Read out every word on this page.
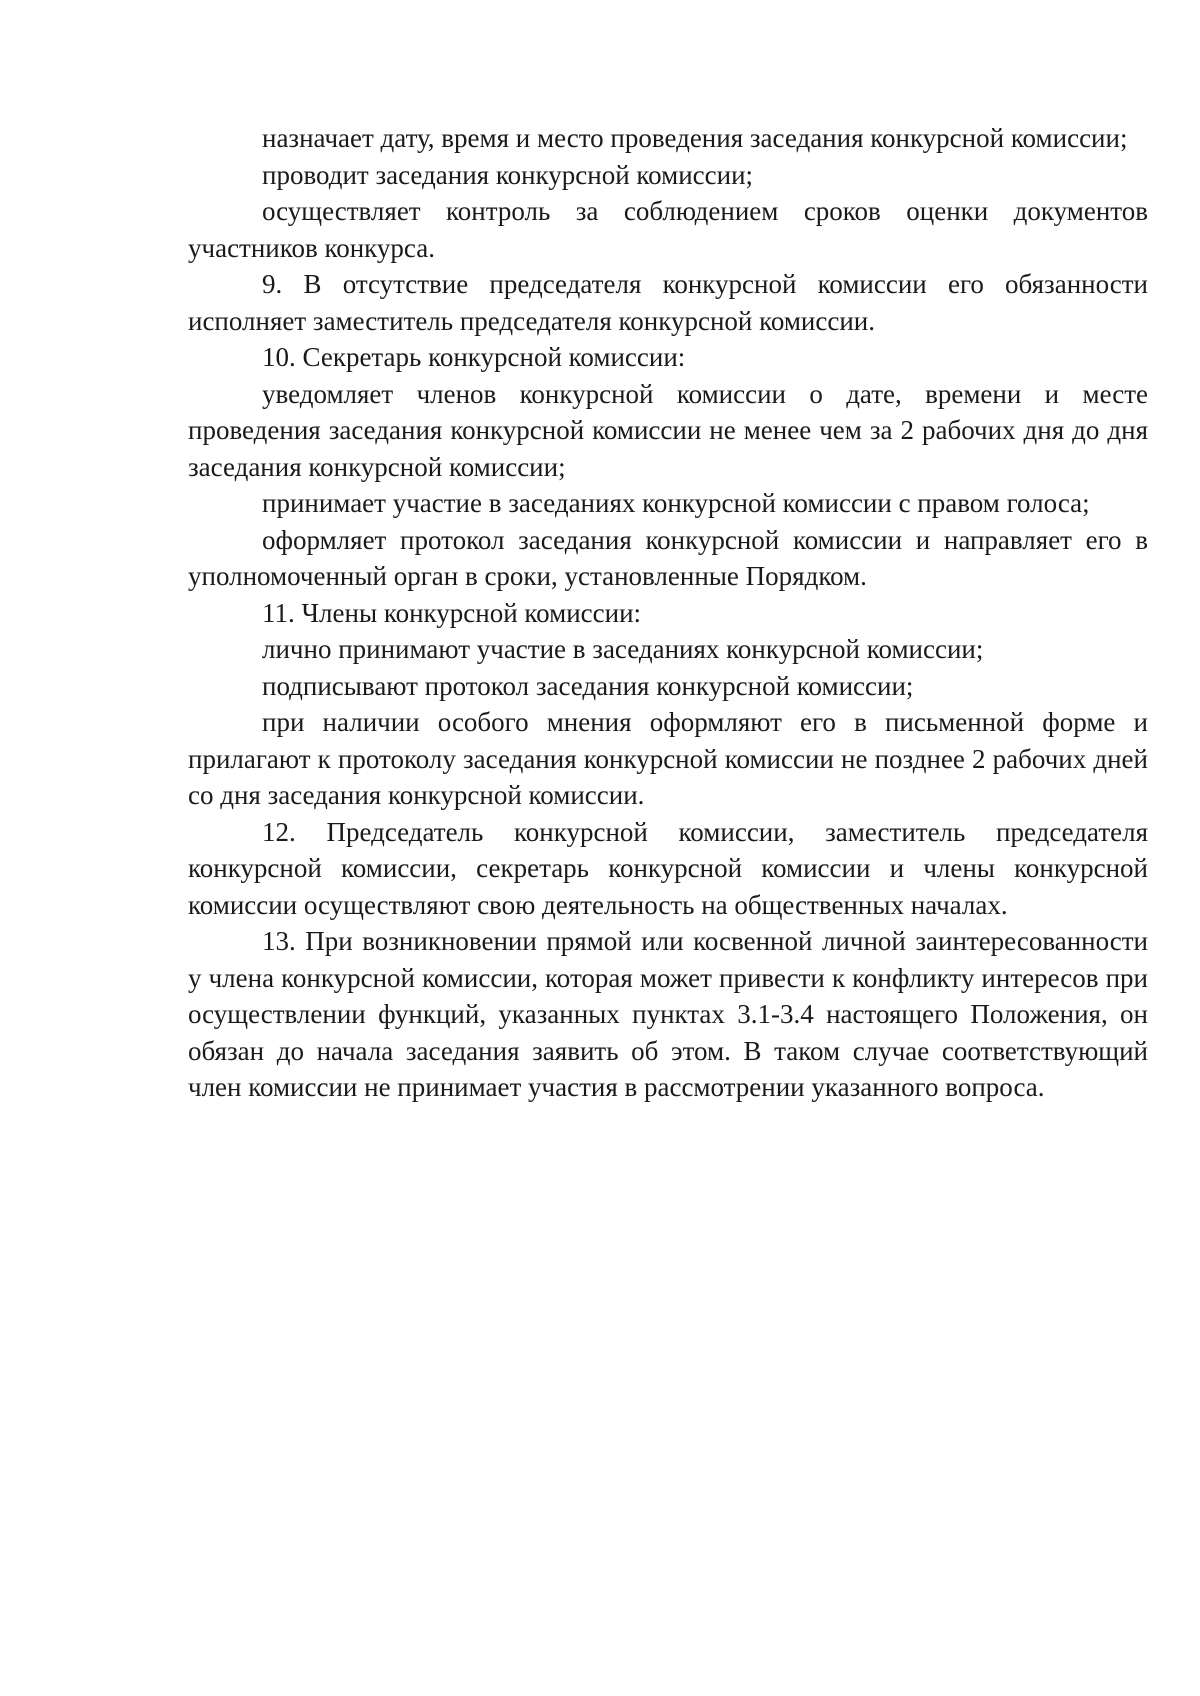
назначает дату, время и место проведения заседания конкурсной комиссии;

проводит заседания конкурсной комиссии;

осуществляет контроль за соблюдением сроков оценки документов участников конкурса.

9. В отсутствие председателя конкурсной комиссии его обязанности исполняет заместитель председателя конкурсной комиссии.

10. Секретарь конкурсной комиссии:

уведомляет членов конкурсной комиссии о дате, времени и месте проведения заседания конкурсной комиссии не менее чем за 2 рабочих дня до дня заседания конкурсной комиссии;

принимает участие в заседаниях конкурсной комиссии с правом голоса;

оформляет протокол заседания конкурсной комиссии и направляет его в уполномоченный орган в сроки, установленные Порядком.

11. Члены конкурсной комиссии:

лично принимают участие в заседаниях конкурсной комиссии;

подписывают протокол заседания конкурсной комиссии;

при наличии особого мнения оформляют его в письменной форме и прилагают к протоколу заседания конкурсной комиссии не позднее 2 рабочих дней со дня заседания конкурсной комиссии.

12. Председатель конкурсной комиссии, заместитель председателя конкурсной комиссии, секретарь конкурсной комиссии и члены конкурсной комиссии осуществляют свою деятельность на общественных началах.

13. При возникновении прямой или косвенной личной заинтересованности у члена конкурсной комиссии, которая может привести к конфликту интересов при осуществлении функций, указанных пунктах 3.1-3.4 настоящего Положения, он обязан до начала заседания заявить об этом. В таком случае соответствующий член комиссии не принимает участия в рассмотрении указанного вопроса.
